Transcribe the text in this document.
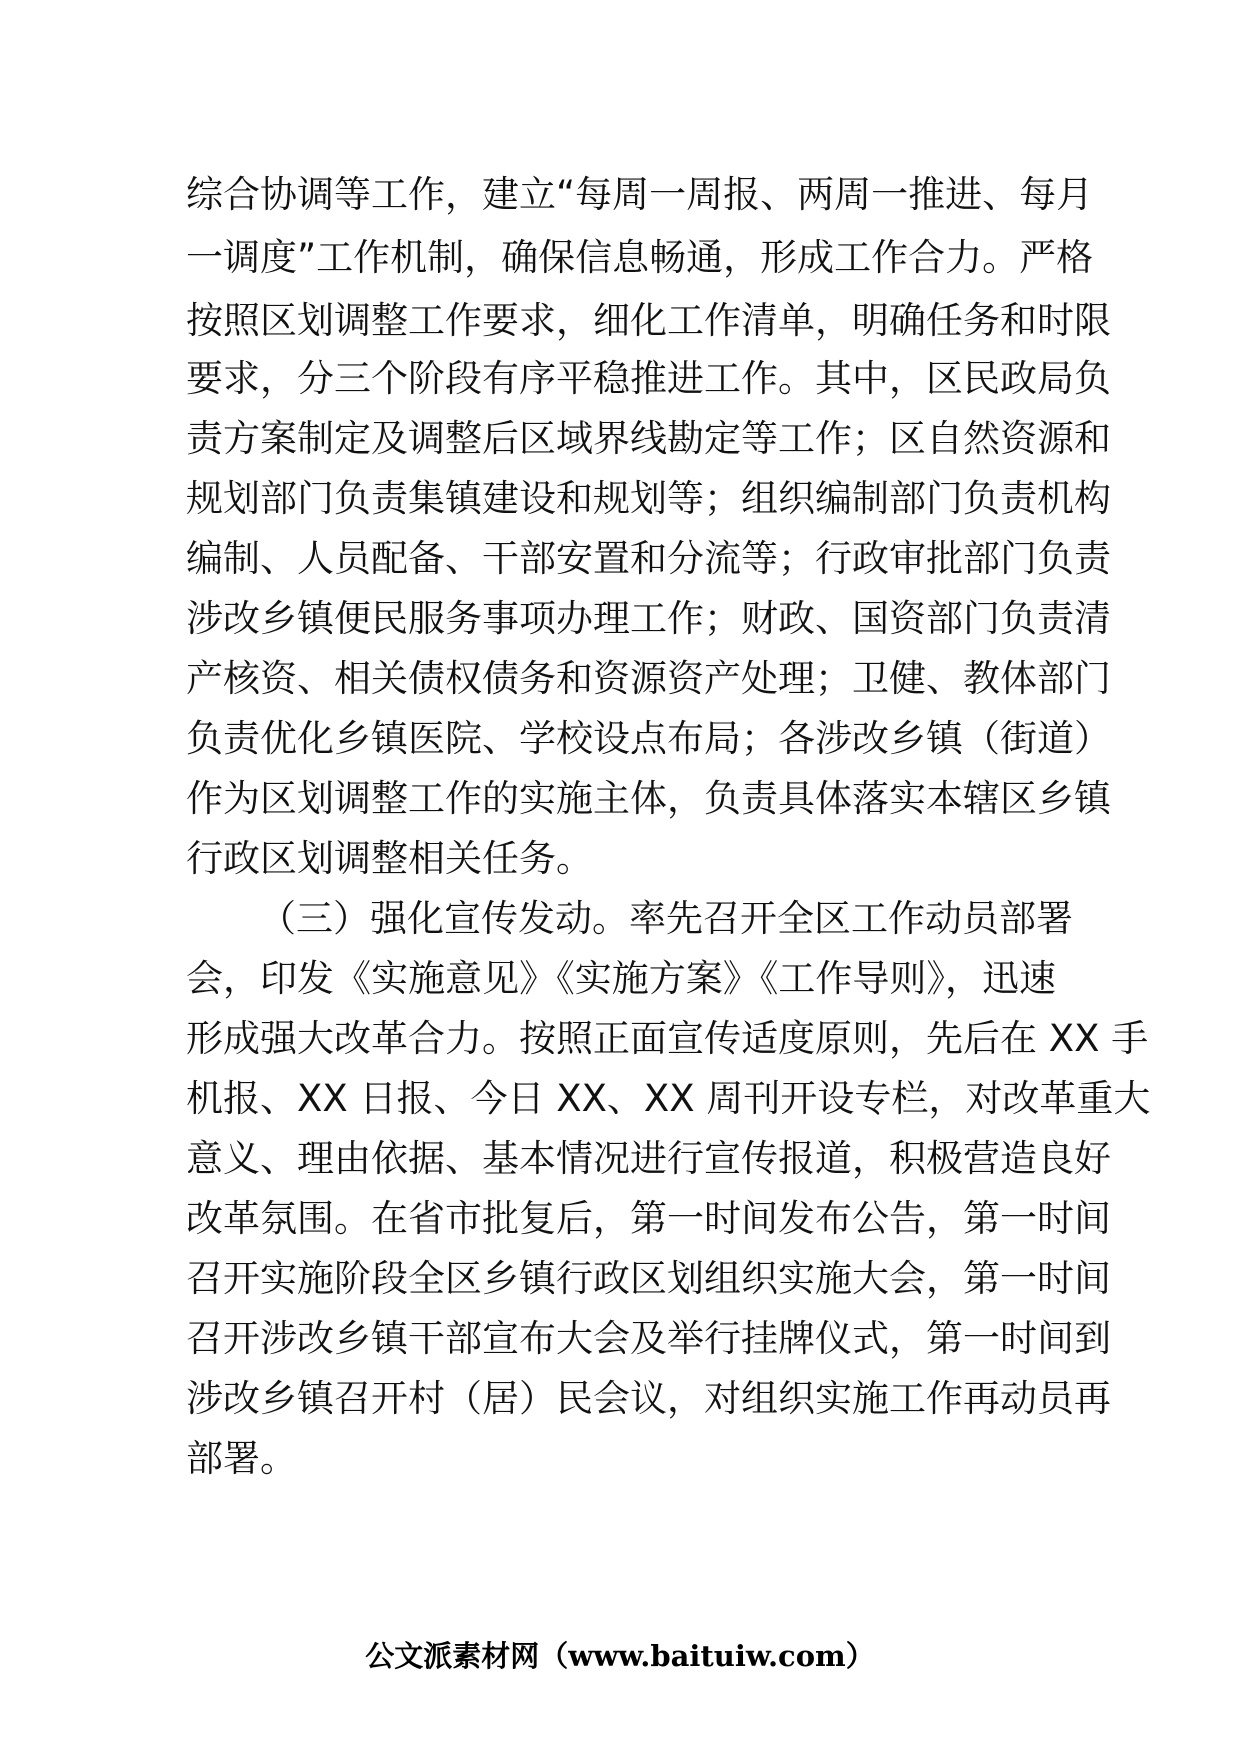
综合协调等工作，建立“每周一周报、两周一推进、每月
一调度”工作机制，确保信息畅通，形成工作合力。严格
按照区划调整工作要求，细化工作清单，明确任务和时限
要求，分三个阶段有序平稳推进工作。其中，区民政局负
责方案制定及调整后区域界线勘定等工作；区自然资源和
规划部门负责集镇建设和规划等；组织编制部门负责机构
编制、人员配备、干部安置和分流等；行政审批部门负责
涉改乡镇便民服务事项办理工作；财政、国资部门负责清
产核资、相关债权债务和资源资产处理；卫健、教体部门
负责优化乡镇医院、学校设点布局；各涉改乡镇（街道）
作为区划调整工作的实施主体，负责具体落实本辖区乡镇
行政区划调整相关任务。
（三）强化宣传发动。率先召开全区工作动员部署
会，印发《实施意见》《实施方案》《工作导则》，迅速
形成强大改革合力。按照正面宣传适度原则，先后在 XX 手
机报、XX 日报、今日 XX、XX 周刊开设专栏，对改革重大
意义、理由依据、基本情况进行宣传报道，积极营造良好
改革氛围。在省市批复后，第一时间发布公告，第一时间
召开实施阶段全区乡镇行政区划组织实施大会，第一时间
召开涉改乡镇干部宣布大会及举行挂牌仪式，第一时间到
涉改乡镇召开村（居）民会议，对组织实施工作再动员再
部署。
公文派素材网（www.baituiw.com）
